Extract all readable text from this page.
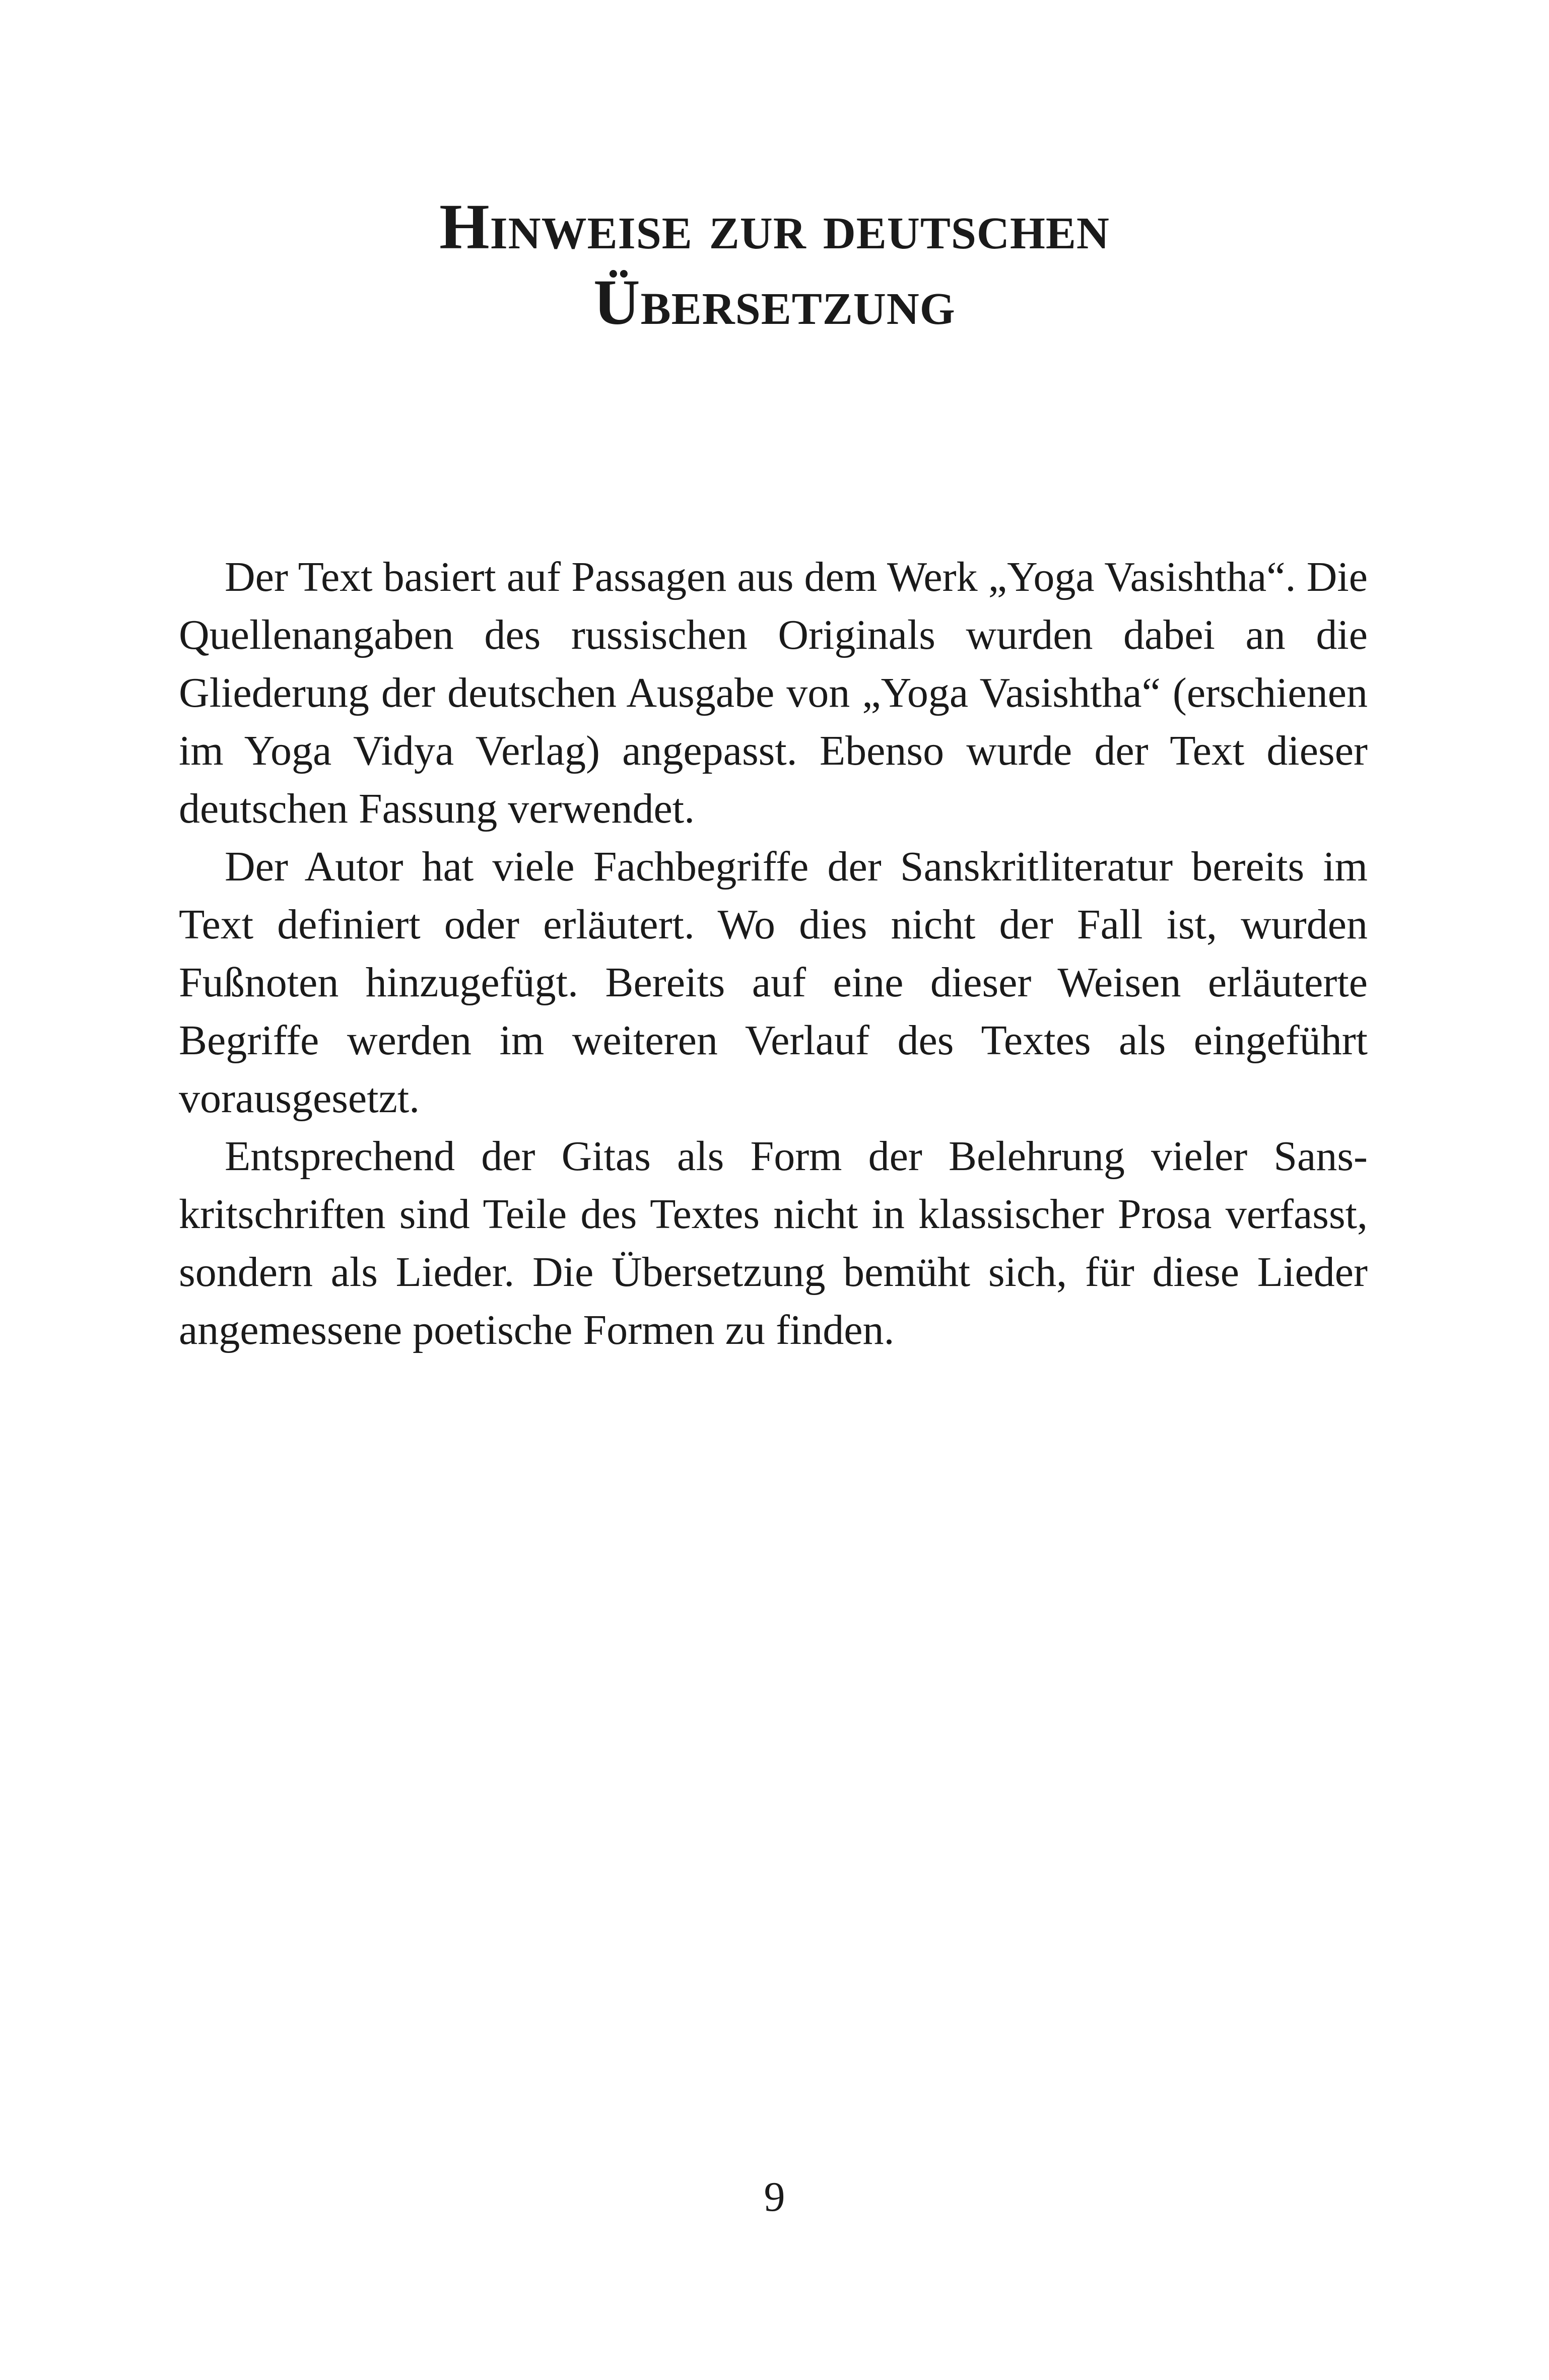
Hinweise zur deutschen
Übersetzung

Der Text basiert auf Passagen aus dem Werk „Yoga Vasishtha“. Die Quellenangaben des russischen Originals wurden dabei an die Gliederung der deutschen Ausgabe von „Yoga Vasishtha“ (erschienen im Yoga Vidya Verlag) angepasst. Ebenso wurde der Text dieser deutschen Fassung verwendet.

Der Autor hat viele Fachbegriffe der Sanskritliteratur bereits im Text definiert oder erläutert. Wo dies nicht der Fall ist, wurden Fußnoten hinzugefügt. Bereits auf eine dieser Weisen erläuterte Begriffe werden im weiteren Verlauf des Textes als eingeführt vorausgesetzt.

Entsprechend der Gitas als Form der Belehrung vieler Sanskritschriften sind Teile des Textes nicht in klassischer Prosa verfasst, sondern als Lieder. Die Übersetzung bemüht sich, für diese Lieder angemessene poetische Formen zu finden.

9
